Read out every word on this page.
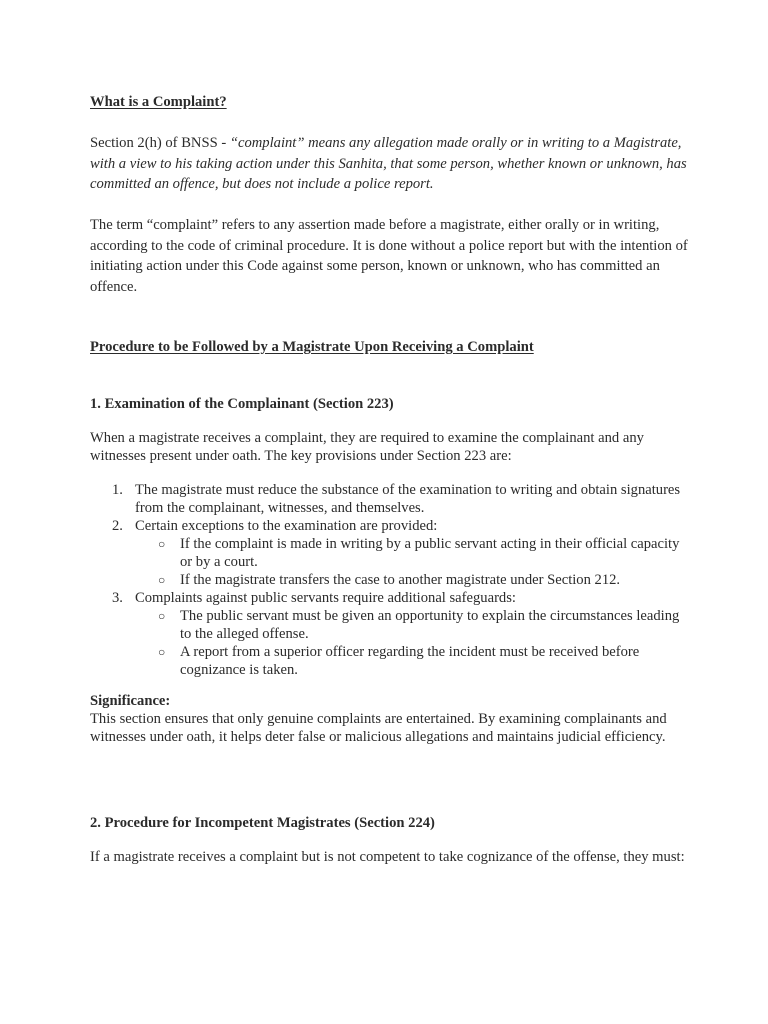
What is a Complaint?
Section 2(h) of BNSS - “complaint” means any allegation made orally or in writing to a Magistrate, with a view to his taking action under this Sanhita, that some person, whether known or unknown, has committed an offence, but does not include a police report.
The term “complaint” refers to any assertion made before a magistrate, either orally or in writing, according to the code of criminal procedure. It is done without a police report but with the intention of initiating action under this Code against some person, known or unknown, who has committed an offence.
Procedure to be Followed by a Magistrate Upon Receiving a Complaint
1. Examination of the Complainant (Section 223)
When a magistrate receives a complaint, they are required to examine the complainant and any witnesses present under oath. The key provisions under Section 223 are:
1. The magistrate must reduce the substance of the examination to writing and obtain signatures from the complainant, witnesses, and themselves.
2. Certain exceptions to the examination are provided:
○ If the complaint is made in writing by a public servant acting in their official capacity or by a court.
○ If the magistrate transfers the case to another magistrate under Section 212.
3. Complaints against public servants require additional safeguards:
○ The public servant must be given an opportunity to explain the circumstances leading to the alleged offense.
○ A report from a superior officer regarding the incident must be received before cognizance is taken.
Significance:
This section ensures that only genuine complaints are entertained. By examining complainants and witnesses under oath, it helps deter false or malicious allegations and maintains judicial efficiency.
2. Procedure for Incompetent Magistrates (Section 224)
If a magistrate receives a complaint but is not competent to take cognizance of the offense, they must:
